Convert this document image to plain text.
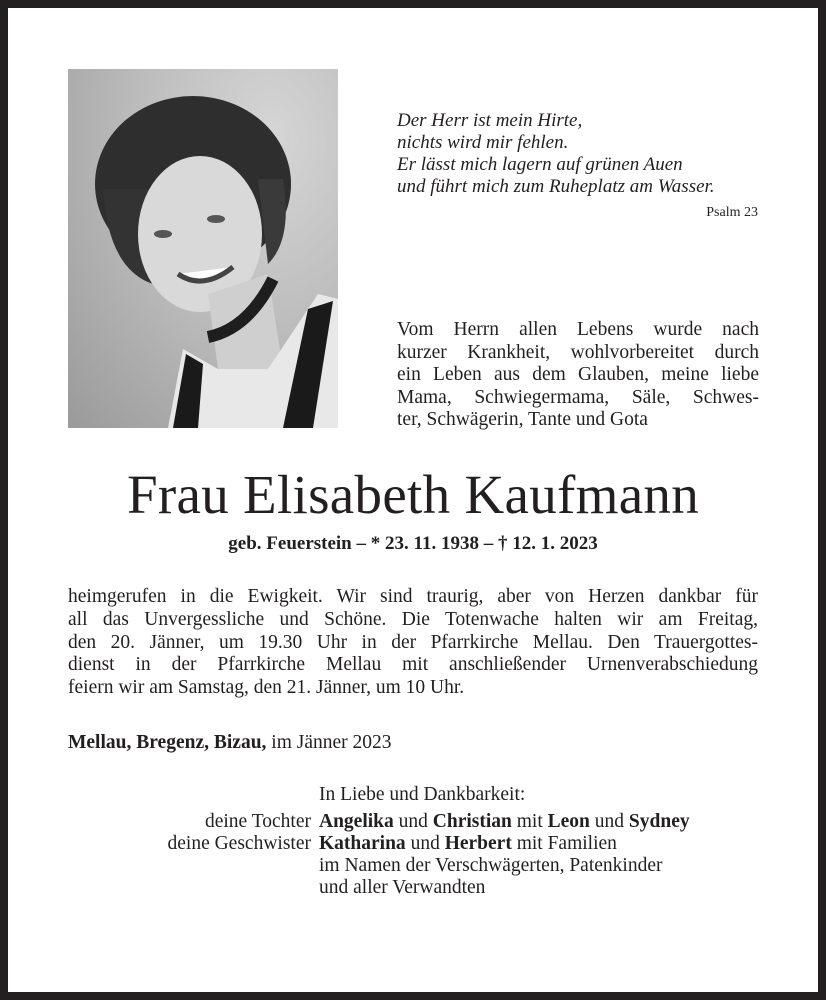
Der Herr ist mein Hirte,
nichts wird mir fehlen.
Er lässt mich lagern auf grünen Auen
und führt mich zum Ruheplatz am Wasser.
Psalm 23
Vom Herrn allen Lebens wurde nach
kurzer Krankheit, wohlvorbereitet durch
ein Leben aus dem Glauben, meine liebe
Mama, Schwiegermama, Säle, Schwes-
ter, Schwägerin, Tante und Gota
Frau Elisabeth Kaufmann
geb. Feuerstein – * 23. 11. 1938 – † 12. 1. 2023
heimgerufen in die Ewigkeit. Wir sind traurig, aber von Herzen dankbar für
all das Unvergessliche und Schöne. Die Totenwache halten wir am Freitag,
den 20. Jänner, um 19.30 Uhr in der Pfarrkirche Mellau. Den Trauergottes-
dienst in der Pfarrkirche Mellau mit anschließender Urnenverabschiedung
feiern wir am Samstag, den 21. Jänner, um 10 Uhr.
Mellau, Bregenz, Bizau, im Jänner 2023
In Liebe und Dankbarkeit:
deine Tochter Angelika und Christian mit Leon und Sydney
deine Geschwister Katharina und Herbert mit Familien
im Namen der Verschwägerten, Patenkinder
und aller Verwandten
